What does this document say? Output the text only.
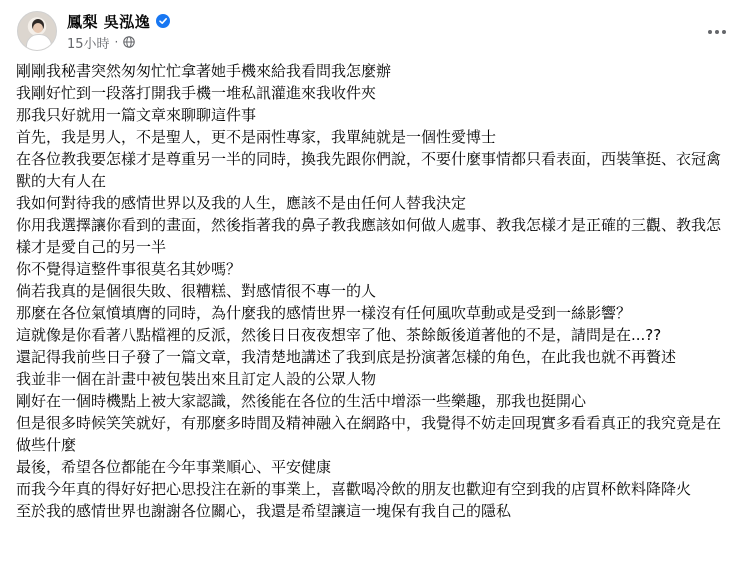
鳳梨 吳泓逸
15小時 ·

剛剛我秘書突然匆匆忙忙拿著她手機來給我看問我怎麼辦

我剛好忙到一段落打開我手機一堆私訊灌進來我收件夾

那我只好就用一篇文章來聊聊這件事

首先，我是男人，不是聖人，更不是兩性專家，我單純就是一個性愛博士

在各位教我要怎樣才是尊重另一半的同時，換我先跟你們說，不要什麼事情都只看表面，西裝筆挺、衣冠禽獸的大有人在

我如何對待我的感情世界以及我的人生，應該不是由任何人替我決定

你用我選擇讓你看到的畫面，然後指著我的鼻子教我應該如何做人處事、教我怎樣才是正確的三觀、教我怎樣才是愛自己的另一半

你不覺得這整件事很莫名其妙嗎？

倘若我真的是個很失敗、很糟糕、對感情很不專一的人

那麼在各位氣憤填膺的同時，為什麼我的感情世界一樣沒有任何風吹草動或是受到一絲影響？

這就像是你看著八點檔裡的反派，然後日日夜夜想宰了他、茶餘飯後道著他的不是，請問是在...??

還記得我前些日子發了一篇文章，我清楚地講述了我到底是扮演著怎樣的角色，在此我也就不再贅述

我並非一個在計畫中被包裝出來且訂定人設的公眾人物

剛好在一個時機點上被大家認識，然後能在各位的生活中增添一些樂趣，那我也挺開心

但是很多時候笑笑就好，有那麼多時間及精神融入在網路中，我覺得不妨走回現實多看看真正的我究竟是在做些什麼

最後，希望各位都能在今年事業順心、平安健康

而我今年真的得好好把心思投注在新的事業上，喜歡喝冷飲的朋友也歡迎有空到我的店買杯飲料降降火

至於我的感情世界也謝謝各位關心，我還是希望讓這一塊保有我自己的隱私
